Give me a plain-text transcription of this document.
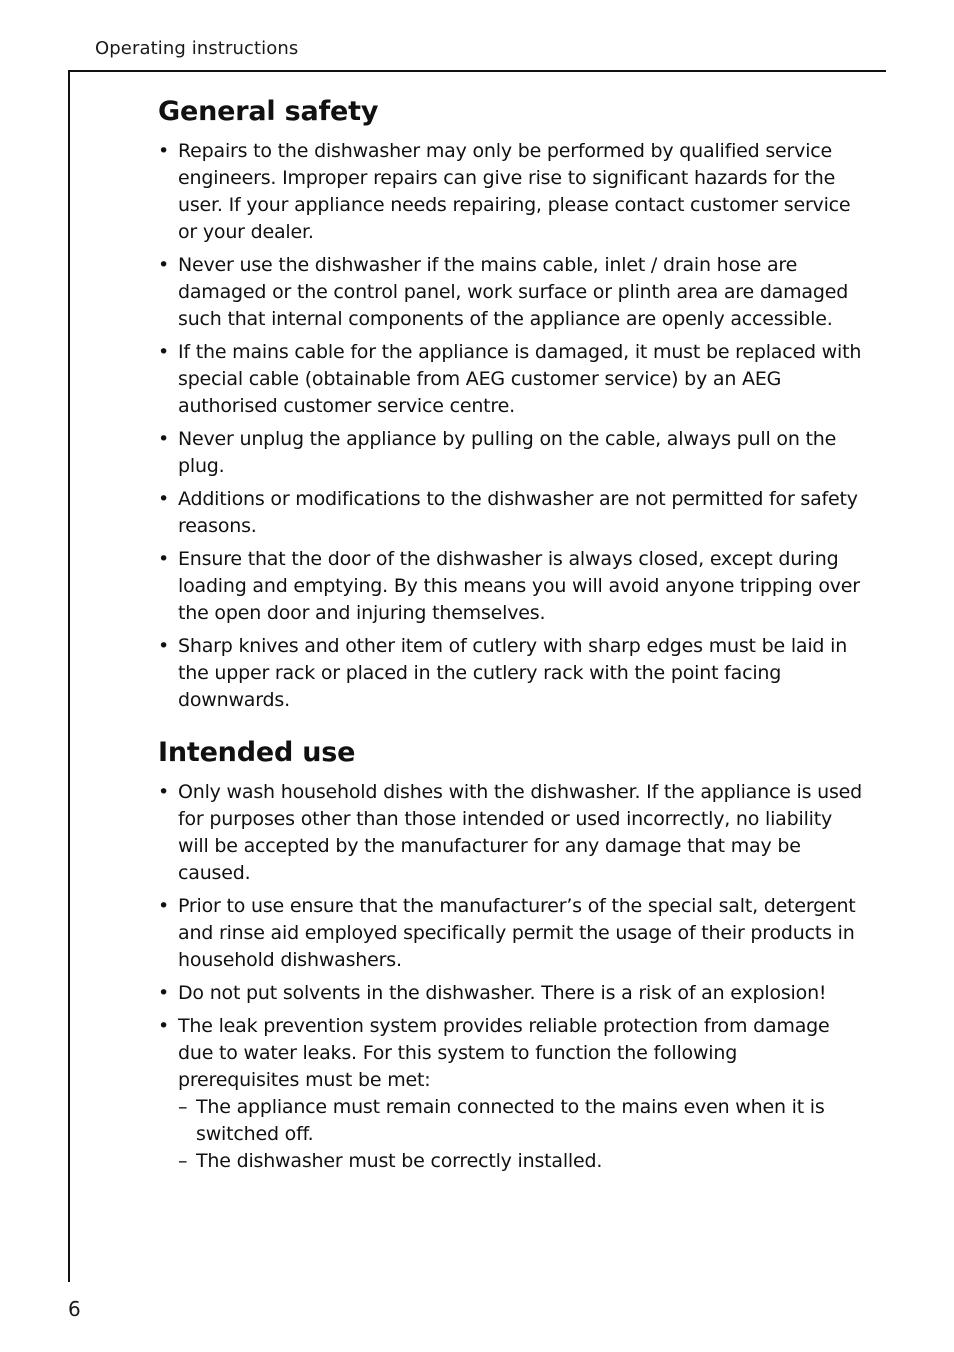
Operating instructions
General safety
• Repairs to the dishwasher may only be performed by qualified service engineers. Improper repairs can give rise to significant hazards for the user. If your appliance needs repairing, please contact customer service or your dealer.
• Never use the dishwasher if the mains cable, inlet / drain hose are damaged or the control panel, work surface or plinth area are damaged such that internal components of the appliance are openly accessible.
• If the mains cable for the appliance is damaged, it must be replaced with special cable (obtainable from AEG customer service) by an AEG authorised customer service centre.
• Never unplug the appliance by pulling on the cable, always pull on the plug.
• Additions or modifications to the dishwasher are not permitted for safety reasons.
• Ensure that the door of the dishwasher is always closed, except during loading and emptying. By this means you will avoid anyone tripping over the open door and injuring themselves.
• Sharp knives and other item of cutlery with sharp edges must be laid in the upper rack or placed in the cutlery rack with the point facing downwards.
Intended use
• Only wash household dishes with the dishwasher. If the appliance is used for purposes other than those intended or used incorrectly, no liability will be accepted by the manufacturer for any damage that may be caused.
• Prior to use ensure that the manufacturer’s of the special salt, detergent and rinse aid employed specifically permit the usage of their products in household dishwashers.
• Do not put solvents in the dishwasher. There is a risk of an explosion!
• The leak prevention system provides reliable protection from damage due to water leaks. For this system to function the following prerequisites must be met:
– The appliance must remain connected to the mains even when it is switched off.
– The dishwasher must be correctly installed.
6
